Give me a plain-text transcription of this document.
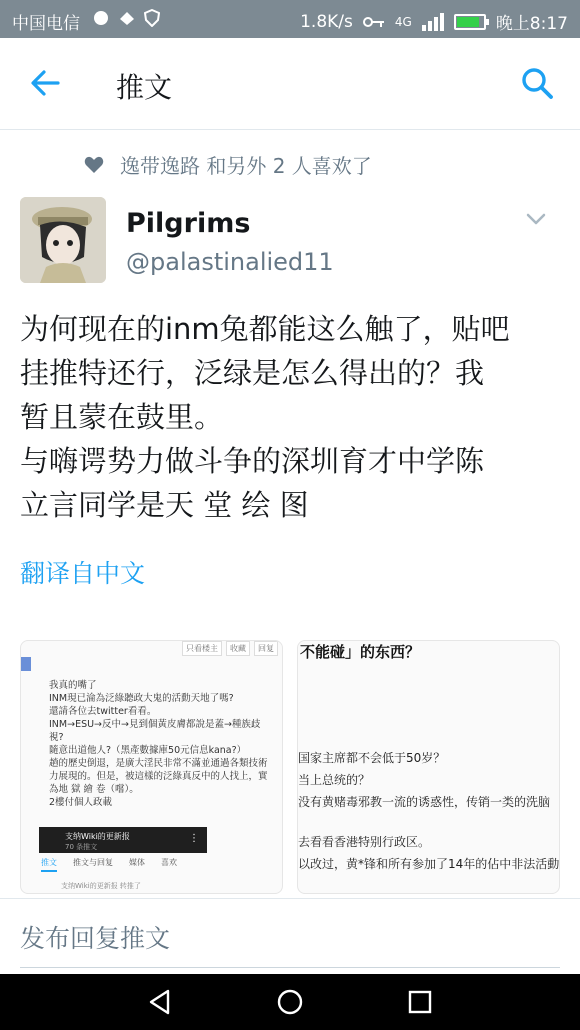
中国电信	1.8K/s	4G	晚上8:17
推文
逸带逸路 和另外 2 人喜欢了
Pilgrims
@palastinalied11
为何现在的inm兔都能这么触了，贴吧
挂推特还行，泛绿是怎么得出的？我
暂且蒙在鼓里。
与嗨谔势力做斗争的深圳育才中学陈
立言同学是天 堂 绘 图
翻译自中文
只看楼主	收藏	回复
我真的嘴了
INM現已淪為泛綠聽政大鬼的活動天地了嗎?
還請各位去twitter看看。
INM→ESU→反中→見到個黃皮膚都說是蓋→種族歧
視?
隨意出道他人?（黑產數據庫50元信息kana?）
趟的歷史倒退，是廣大淫民非常不滿並通過各類技術
力展現的。但是，被這樣的泛綠真反中的人找上，實
為地 獄 繪 卷（嚐）。
2樓付個人政載
支纳Wiki的更新报
70 条推文
⋮
推文 推文与回复 媒体 喜欢
支纳Wiki的更新报 转推了
不能碰」的东西？
国家主席都不会低于50岁？
当上总统的？
没有黄赌毒邪教一流的诱惑性，传销一类的洗脑
去看看香港特别行政区。
以改过，黄*锋和所有参加了14年的佔中非法活動
发布回复推文
